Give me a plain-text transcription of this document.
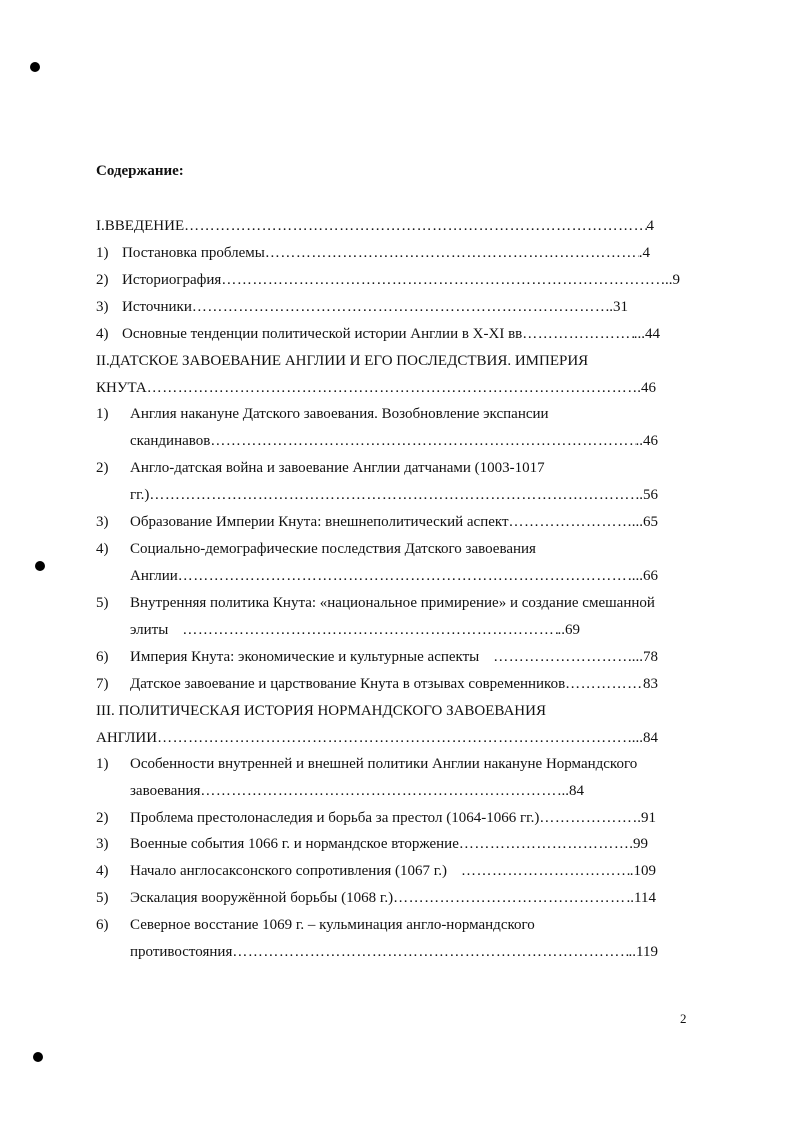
Содержание:
I.ВВЕДЕНИЕ …………………………………………………………………………………………………………………………………………………………………………………………………	4
1) Постановка проблемы …………………………………………………………………………………………………………………………………………………………………………………………………	.4
2) Историография …………………………………………………………………………………………………………………………………………………………………………………………………	..9
3) Источники …………………………………………………………………………………………………………………………………………………………………………………………………	.31
4) Основные тенденции политической истории Англии в X-XI вв …………………………………………………………………………………………………………………………………………………………………………………………………	...44
II.ДАТСКОЕ ЗАВОЕВАНИЕ АНГЛИИ И ЕГО ПОСЛЕДСТВИЯ. ИМПЕРИЯ
КНУТА …………………………………………………………………………………………………………………………………………………………………………………………………	.46
1) Англия накануне Датского завоевания. Возобновление экспансии
скандинавов …………………………………………………………………………………………………………………………………………………………………………………………………	..46
2) Англо-датская война и завоевание Англии датчанами (1003-1017
гг.) …………………………………………………………………………………………………………………………………………………………………………………………………	..56
3)	Образование Империи Кнута: внешнеполитический аспект …………………………………………………………………………………………………………………………………………………………………………………………………	...65
4) Социально-демографические последствия Датского завоевания
Англии …………………………………………………………………………………………………………………………………………………………………………………………………	...66
5) Внутренняя политика Кнута: «национальное примирение» и создание смешанной
элиты …………………………………………………………………………………………………………………………………………………………………………………………………	..69
6)	Империя Кнута: экономические и культурные аспекты …………………………………………………………………………………………………………………………………………………………………………………………………	...78
7)	Датское завоевание и царствование Кнута в отзывах современников …………………………………………………………………………………………………………………………………………………………………………………………………	83
III. ПОЛИТИЧЕСКАЯ ИСТОРИЯ НОРМАНДСКОГО ЗАВОЕВАНИЯ
АНГЛИИ …………………………………………………………………………………………………………………………………………………………………………………………………	...84
1) Особенности внутренней и внешней политики Англии накануне Нормандского
завоевания …………………………………………………………………………………………………………………………………………………………………………………………………	..84
2)	Проблема престолонаследия и борьба за престол (1064-1066 гг.) …………………………………………………………………………………………………………………………………………………………………………………………………	.91
3)	Военные события 1066 г. и нормандское вторжение …………………………………………………………………………………………………………………………………………………………………………………………………	.99
4)	Начало англосаксонского сопротивления (1067 г.) …………………………………………………………………………………………………………………………………………………………………………………………………	.109
5)	Эскалация вооружённой борьбы (1068 г.) …………………………………………………………………………………………………………………………………………………………………………………………………	..114
6) Северное восстание 1069 г. – кульминация англо-нормандского
противостояния …………………………………………………………………………………………………………………………………………………………………………………………………	..119
2
